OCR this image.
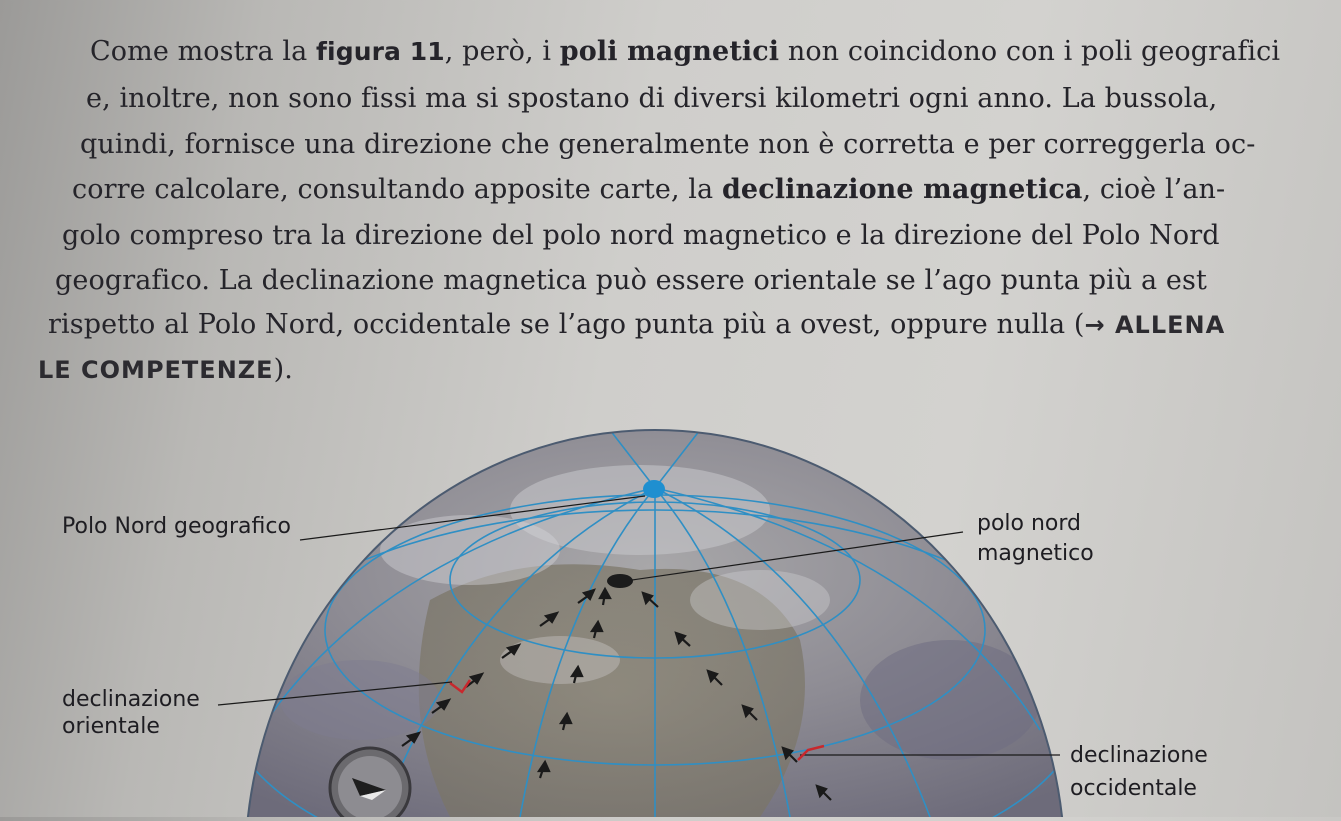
Come mostra la figura 11, però, i poli magnetici non coincidono con i poli geografici
e, inoltre, non sono fissi ma si spostano di diversi kilometri ogni anno. La bussola,
quindi, fornisce una direzione che generalmente non è corretta e per correggerla oc-
corre calcolare, consultando apposite carte, la declinazione magnetica, cioè l’an-
golo compreso tra la direzione del polo nord magnetico e la direzione del Polo Nord
geografico. La declinazione magnetica può essere orientale se l’ago punta più a est
rispetto al Polo Nord, occidentale se l’ago punta più a ovest, oppure nulla (→ ALLENA
LE COMPETENZE).
Polo Nord geografico	polo nord
magnetico
declinazione
orientale
declinazione
occidentale
